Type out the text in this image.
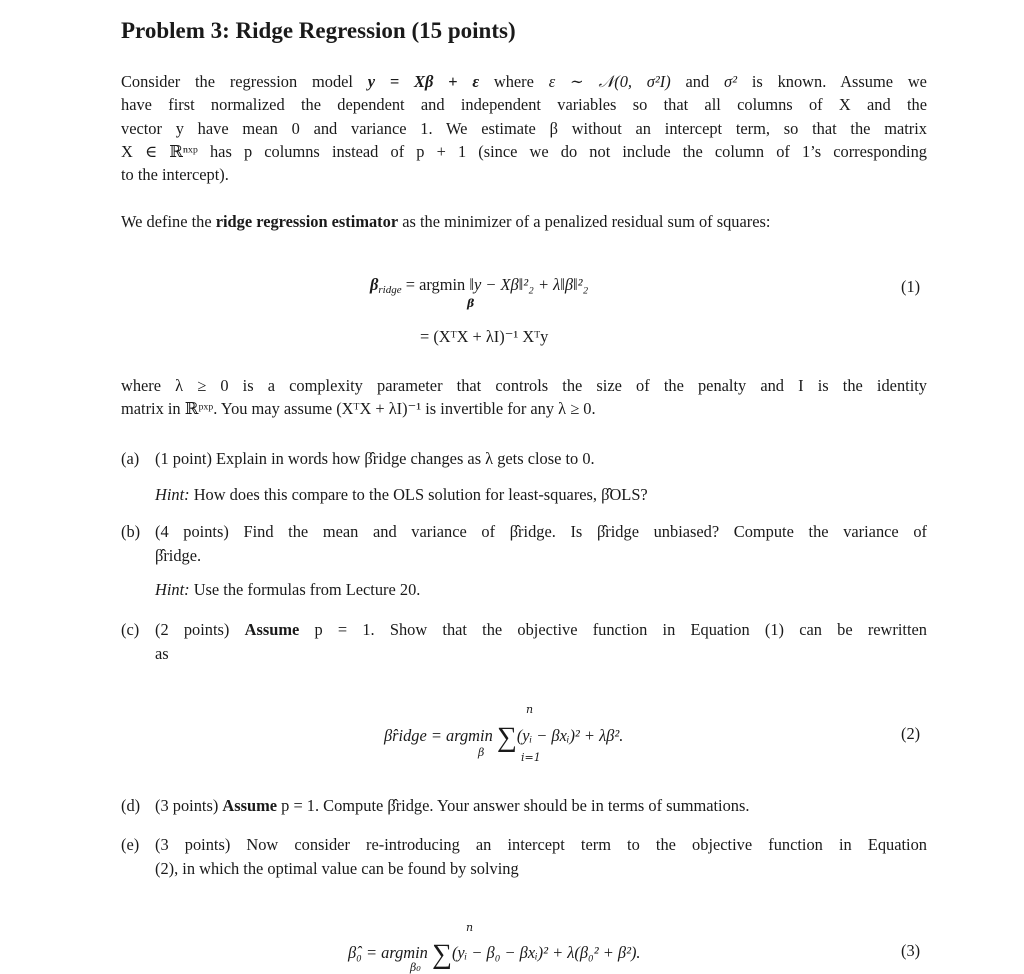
Problem 3: Ridge Regression (15 points)
Consider the regression model y = Xβ + ε where ε ∼ 𝒩(0, σ²I) and σ² is known. Assume we
have first normalized the dependent and independent variables so that all columns of X and the
vector y have mean 0 and variance 1. We estimate β without an intercept term, so that the matrix
X ∈ ℝⁿˣᵖ has p columns instead of p + 1 (since we do not include the column of 1’s corresponding
to the intercept).
We define the ridge regression estimator as the minimizer of a penalized residual sum of squares:
$\beta_{ridge} = argmin$ ‖y − Xβ‖²₂ + λ‖β‖²₂
β
= (XᵀX + λI)⁻¹ Xᵀy
(1)
where λ ≥ 0 is a complexity parameter that controls the size of the penalty and I is the identity
matrix in ℝᵖˣᵖ. You may assume (XᵀX + λI)⁻¹ is invertible for any λ ≥ 0.
(a) (1 point) Explain in words how β̂ridge changes as λ gets close to 0.
Hint: How does this compare to the OLS solution for least-squares, β̂OLS?
(b) (4 points) Find the mean and variance of β̂ridge. Is β̂ridge unbiased? Compute the variance of
β̂ridge.
Hint: Use the formulas from Lecture 20.
(c) (2 points) Assume p = 1. Show that the objective function in Equation (1) can be rewritten
as
n
β̂ridge = argmin ∑(yᵢ − βxᵢ)² + λβ².
β	i=1
(2)
(d) (3 points) Assume p = 1. Compute β̂ridge. Your answer should be in terms of summations.
(e) (3 points) Now consider re-introducing an intercept term to the objective function in Equation
(2), in which the optimal value can be found by solving
n
β̂₀ = argmin ∑(yᵢ − β₀ − βxᵢ)² + λ(β₀² + β²).
β₀
(3)
